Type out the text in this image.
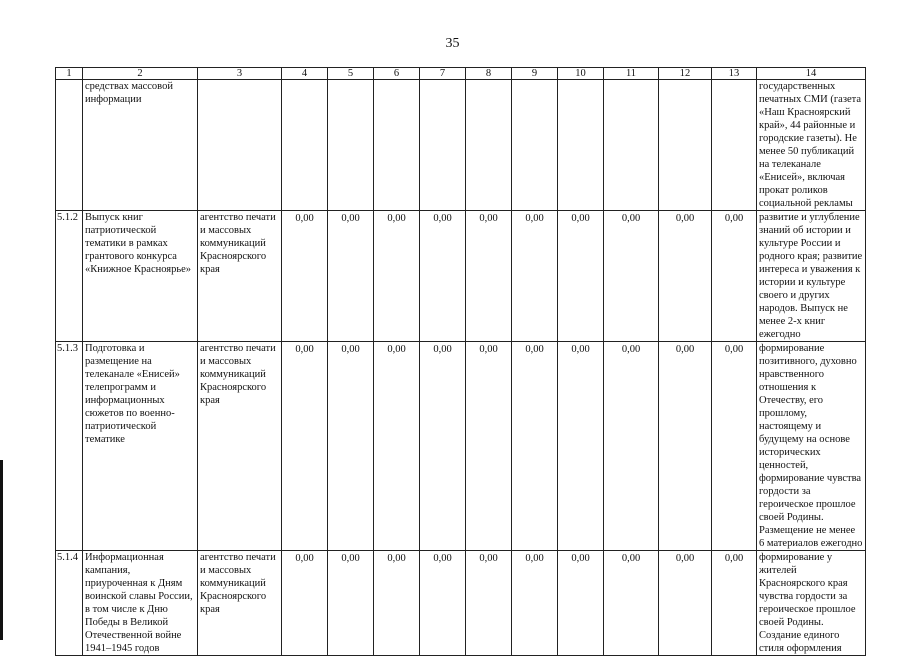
35
1	2	3	4	5	6	7	8	9	10	11	12	13	14
	средствах массовой информации												государственных печатных СМИ (газета «Наш Красноярский край», 44 районные и городские газеты). Не менее 50 публикаций на телеканале «Енисей», включая прокат роликов социальной рекламы
5.1.2	Выпуск книг патриотической тематики в рамках грантового конкурса «Книжное Красноярье»	агентство печати и массовых коммуникаций Красноярского края	0,00	0,00	0,00	0,00	0,00	0,00	0,00	0,00	0,00	0,00	развитие и углубление знаний об истории и культуре России и родного края; развитие интереса и уважения к истории и культуре своего и других народов. Выпуск не менее 2-х книг ежегодно
5.1.3	Подготовка и размещение на телеканале «Енисей» телепрограмм и информационных сюжетов по военно-патриотической тематике	агентство печати и массовых коммуникаций Красноярского края	0,00	0,00	0,00	0,00	0,00	0,00	0,00	0,00	0,00	0,00	формирование позитивного, духовно нравственного отношения к Отечеству, его прошлому, настоящему и будущему на основе исторических ценностей, формирование чувства гордости за героическое прошлое своей Родины. Размещение не менее 6 материалов ежегодно
5.1.4	Информационная кампания, приуроченная к Дням воинской славы России, в том числе к Дню Победы в Великой Отечественной войне 1941–1945 годов	агентство печати и массовых коммуникаций Красноярского края	0,00	0,00	0,00	0,00	0,00	0,00	0,00	0,00	0,00	0,00	формирование у жителей Красноярского края чувства гордости за героическое прошлое своей Родины. Создание единого стиля оформления
